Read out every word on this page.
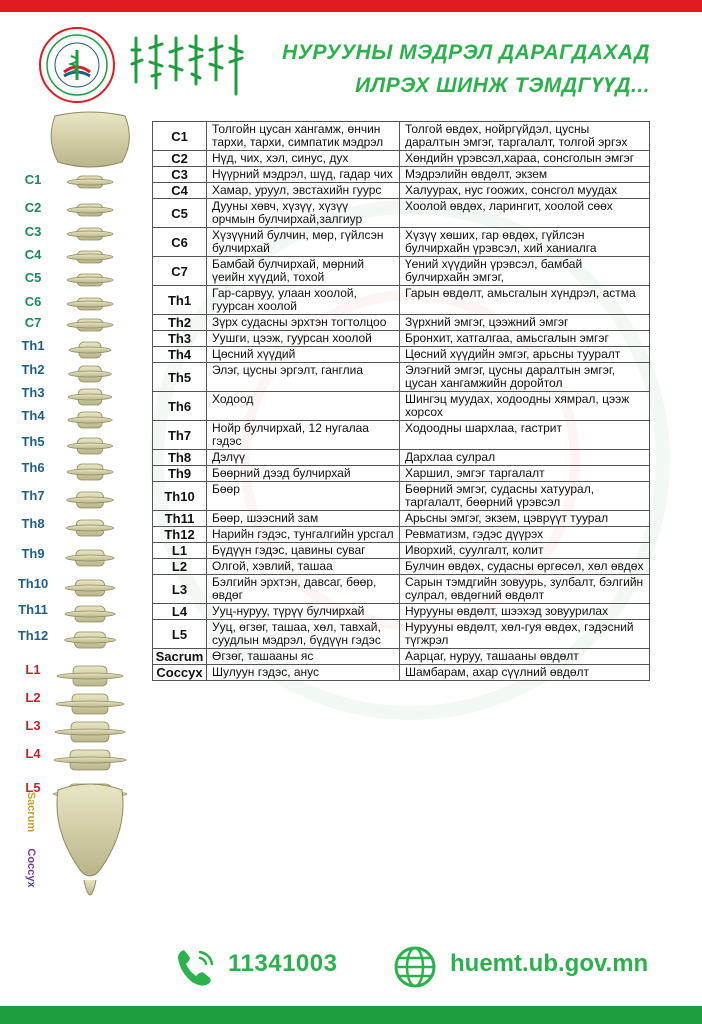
НУРУУНЫ МЭДРЭЛ ДАРАГДАХАД
ИЛРЭХ ШИНЖ ТЭМДГҮҮД...
C1
C2
C3
C4
C5
C6
C7
Th1
Th2
Th3
Th4
Th5
Th6
Th7
Th8
Th9
Th10
Th11
Th12
L1
L2
L3
L4
L5
Sacrum
Coccyx
C1	Толгойн цусан хангамж, өнчин тархи, тархи, симпатик мэдрэл	Толгой өвдөх, нойргүйдэл, цусны даралтын эмгэг, таргалалт, толгой эргэх
C2	Нүд, чих, хэл, синус, дух	Хөндийн үрэвсэл,хараа, сонсголын эмгэг
C3	Нүүрний мэдрэл, шүд, гадар чих	Мэдрэлийн өвдөлт, экзем
C4	Хамар, уруул, эвстахийн гуурс	Халуурах, нус гоожих, сонсгол муудах
C5	Дууны хөвч, хүзүү, хүзүү орчмын булчирхай,залгиур	Хоолой өвдөх, ларингит, хоолой сөөх
C6	Хүзүүний булчин, мөр, гүйлсэн булчирхай	Хүзүү хөших, гар өвдөх, гүйлсэн булчирхайн үрэвсэл, хий ханиалга
C7	Бамбай булчирхай, мөрний үеийн хүүдий, тохой	Үений хүүдийн үрэвсэл, бамбай булчирхайн эмгэг,
Th1	Гар-сарвуу, улаан хоолой, гуурсан хоолой	Гарын өвдөлт, амьсгалын хүндрэл, астма
Th2	Зүрх судасны эрхтэн тогтолцоо	Зүрхний эмгэг, цээжний эмгэг
Th3	Уушги, цээж, гуурсан хоолой	Бронхит, хатгалгаа, амьсгалын эмгэг
Th4	Цөсний хүүдий	Цөсний хүүдийн эмгэг, арьсны тууралт
Th5	Элэг, цусны эргэлт, ганглиа	Элэгний эмгэг, цусны даралтын эмгэг, цусан хангамжийн доройтол
Th6	Ходоод	Шингэц муудах, ходоодны хямрал, цээж хорсох
Th7	Нойр булчирхай, 12 нугалаа гэдэс	Ходоодны шархлаа, гастрит
Th8	Дэлүү	Дархлаа сулрал
Th9	Бөөрний дээд булчирхай	Харшил, эмгэг таргалалт
Th10	Бөөр	Бөөрний эмгэг, судасны хатуурал, таргалалт, бөөрний үрэвсэл
Th11	Бөөр, шээсний зам	Арьсны эмгэг, экзем, цэврүүт туурал
Th12	Нарийн гэдэс, тунгалгийн урсгал	Ревматизм, гэдэс дүүрэх
L1	Бүдүүн гэдэс, цавины суваг	Иворхий, суулгалт, колит
L2	Олгой, хэвлий, ташаа	Булчин өвдөх, судасны өргөсөл, хөл өвдөх
L3	Бэлгийн эрхтэн, давсаг, бөөр, өвдөг	Сарын тэмдгийн зовуурь, зулбалт, бэлгийн сулрал, өвдөгний өвдөлт
L4	Ууц-нуруу, түрүү булчирхай	Нурууны өвдөлт, шээхэд зовуурилах
L5	Ууц, өгзөг, ташаа, хөл, тавхай, суудлын мэдрэл, бүдүүн гэдэс	Нурууны өвдөлт, хөл-гуя өвдөх, гэдэсний түгжрэл
Sacrum	Өгзөг, ташааны яс	Аарцаг, нуруу, ташааны өвдөлт
Coccyx	Шулуун гэдэс, анус	Шамбарам, ахар сүүлний өвдөлт
11341003	huemt.ub.gov.mn
